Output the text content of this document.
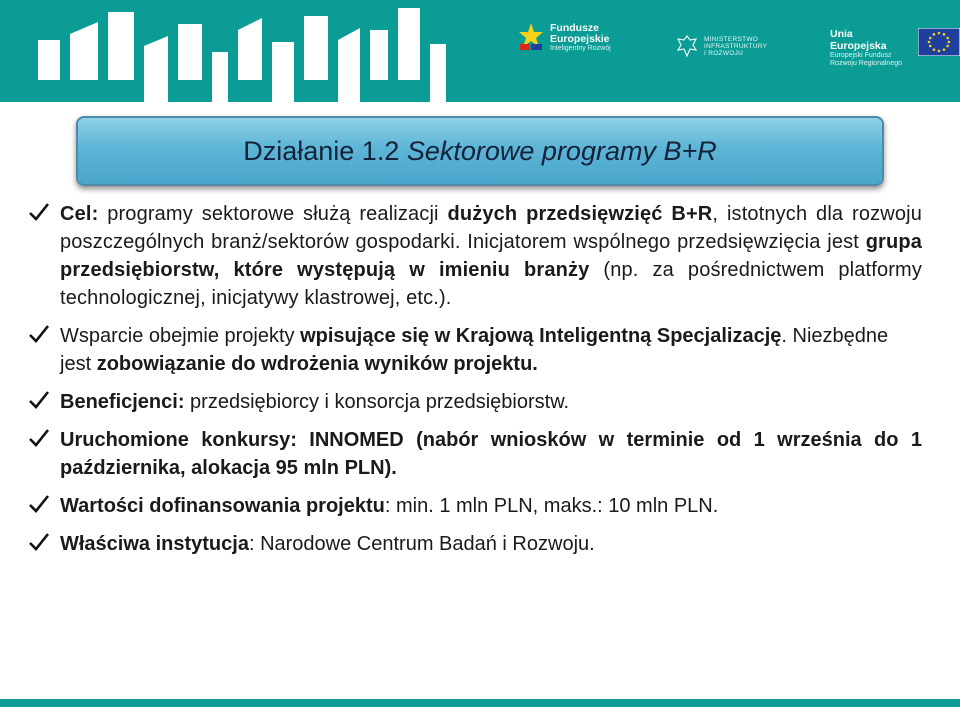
Fundusze
Europejskie
Inteligentny Rozwój
MINISTERSTWO
INFRASTRUKTURY
I ROZWOJU
Unia Europejska
Europejski Fundusz
Rozwoju Regionalnego
Działanie 1.2 Sektorowe programy B+R
Cel: programy sektorowe służą realizacji dużych przedsięwzięć B+R, istotnych dla rozwoju poszczególnych branż/sektorów gospodarki. Inicjatorem wspólnego przedsięwzięcia jest grupa przedsiębiorstw, które występują w imieniu branży (np. za pośrednictwem platformy technologicznej, inicjatywy klastrowej, etc.).
Wsparcie obejmie projekty wpisujące się w Krajową Inteligentną Specjalizację. Niezbędne jest zobowiązanie do wdrożenia wyników projektu.
Beneficjenci: przedsiębiorcy i konsorcja przedsiębiorstw.
Uruchomione konkursy: INNOMED (nabór wniosków w terminie od 1 września do 1 października, alokacja 95 mln PLN).
Wartości dofinansowania projektu: min. 1 mln PLN, maks.: 10 mln PLN.
Właściwa instytucja: Narodowe Centrum Badań i Rozwoju.
